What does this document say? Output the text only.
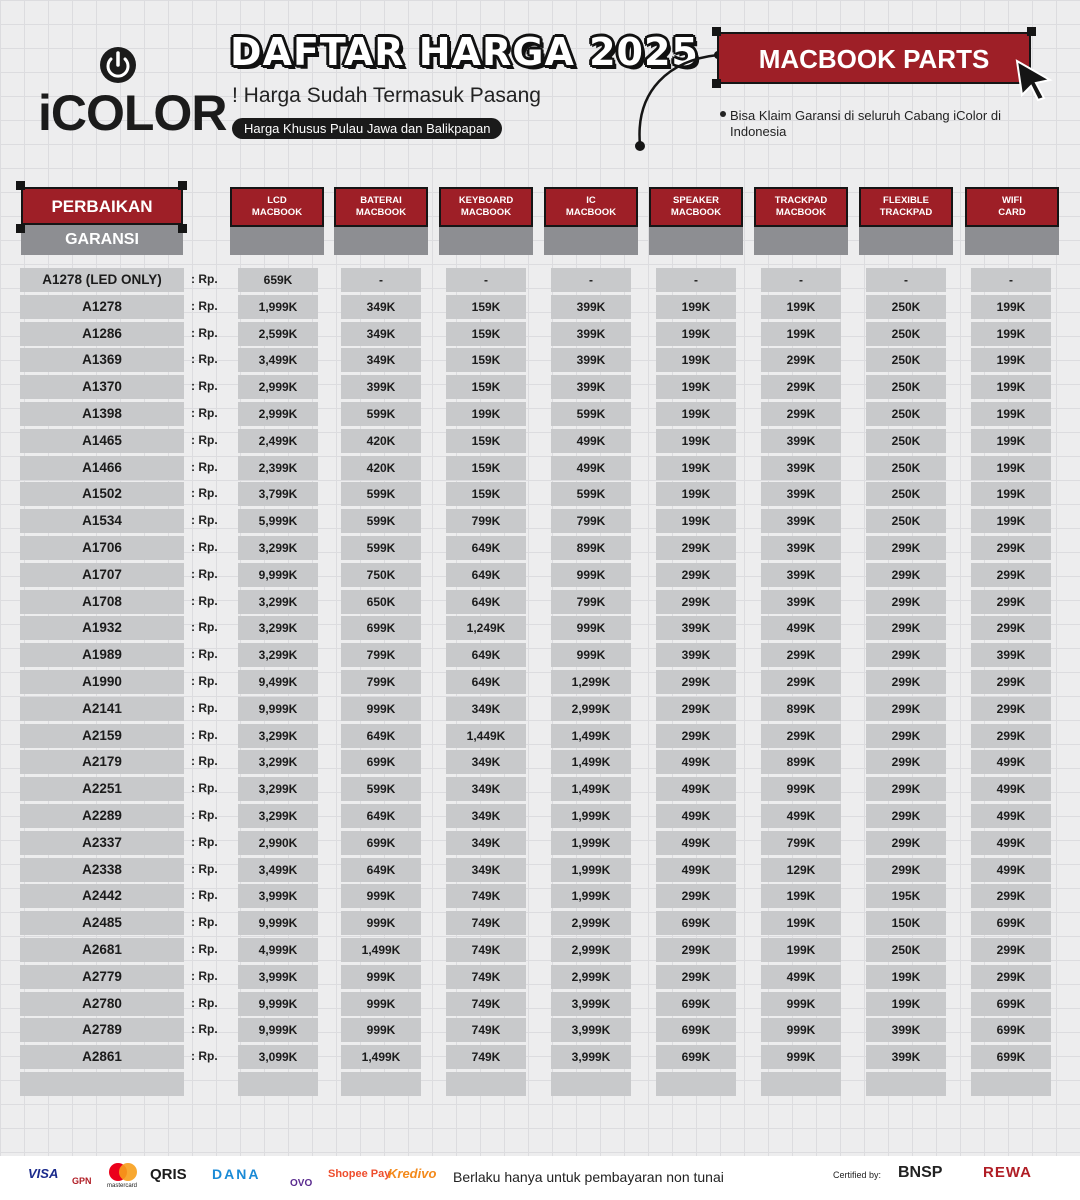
iCOLOR
DAFTAR HARGA 2025
! Harga Sudah Termasuk Pasang
Harga Khusus Pulau Jawa dan Balikpapan
MACBOOK PARTS
Bisa Klaim Garansi di seluruh Cabang iColor di Indonesia
PERBAIKAN
GARANSI
LCD
MACBOOK
BATERAI
MACBOOK
KEYBOARD
MACBOOK
IC
MACBOOK
SPEAKER
MACBOOK
TRACKPAD
MACBOOK
FLEXIBLE
TRACKPAD
WIFI
CARD
A1278 (LED ONLY)	: Rp.	659K	-	-	-	-	-	-	-
A1278	: Rp.	1,999K	349K	159K	399K	199K	199K	250K	199K
A1286	: Rp.	2,599K	349K	159K	399K	199K	199K	250K	199K
A1369	: Rp.	3,499K	349K	159K	399K	199K	299K	250K	199K
A1370	: Rp.	2,999K	399K	159K	399K	199K	299K	250K	199K
A1398	: Rp.	2,999K	599K	199K	599K	199K	299K	250K	199K
A1465	: Rp.	2,499K	420K	159K	499K	199K	399K	250K	199K
A1466	: Rp.	2,399K	420K	159K	499K	199K	399K	250K	199K
A1502	: Rp.	3,799K	599K	159K	599K	199K	399K	250K	199K
A1534	: Rp.	5,999K	599K	799K	799K	199K	399K	250K	199K
A1706	: Rp.	3,299K	599K	649K	899K	299K	399K	299K	299K
A1707	: Rp.	9,999K	750K	649K	999K	299K	399K	299K	299K
A1708	: Rp.	3,299K	650K	649K	799K	299K	399K	299K	299K
A1932	: Rp.	3,299K	699K	1,249K	999K	399K	499K	299K	299K
A1989	: Rp.	3,299K	799K	649K	999K	399K	299K	299K	399K
A1990	: Rp.	9,499K	799K	649K	1,299K	299K	299K	299K	299K
A2141	: Rp.	9,999K	999K	349K	2,999K	299K	899K	299K	299K
A2159	: Rp.	3,299K	649K	1,449K	1,499K	299K	299K	299K	299K
A2179	: Rp.	3,299K	699K	349K	1,499K	499K	899K	299K	499K
A2251	: Rp.	3,299K	599K	349K	1,499K	499K	999K	299K	499K
A2289	: Rp.	3,299K	649K	349K	1,999K	499K	499K	299K	499K
A2337	: Rp.	2,990K	699K	349K	1,999K	499K	799K	299K	499K
A2338	: Rp.	3,499K	649K	349K	1,999K	499K	129K	299K	499K
A2442	: Rp.	3,999K	999K	749K	1,999K	299K	199K	195K	299K
A2485	: Rp.	9,999K	999K	749K	2,999K	699K	199K	150K	699K
A2681	: Rp.	4,999K	1,499K	749K	2,999K	299K	199K	250K	299K
A2779	: Rp.	3,999K	999K	749K	2,999K	299K	499K	199K	299K
A2780	: Rp.	9,999K	999K	749K	3,999K	699K	999K	199K	699K
A2789	: Rp.	9,999K	999K	749K	3,999K	699K	999K	399K	699K
A2861	: Rp.	3,099K	1,499K	749K	3,999K	699K	999K	399K	699K
VISA GPN	mastercard
QRIS DANA
OVO
Shopee Pay
Kredivo Berlaku hanya untuk pembayaran non tunai	Certified by: BNSP	REWA
